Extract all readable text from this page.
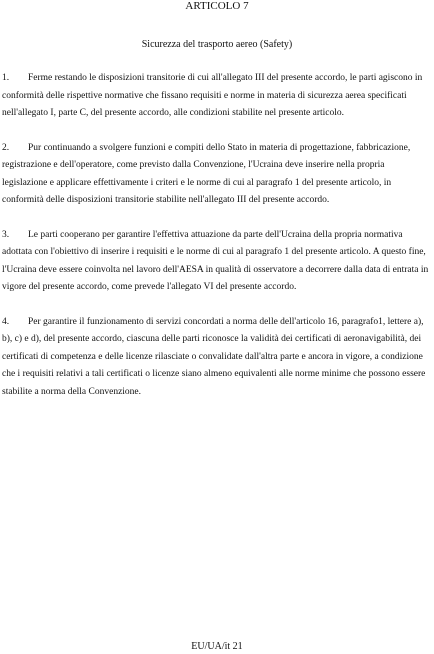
ARTICOLO 7
Sicurezza del trasporto aereo (Safety)

1. Ferme restando le disposizioni transitorie di cui all'allegato III del presente accordo, le parti agiscono in conformità delle rispettive normative che fissano requisiti e norme in materia di sicurezza aerea specificati nell'allegato I, parte C, del presente accordo, alle condizioni stabilite nel presente articolo.

2. Pur continuando a svolgere funzioni e compiti dello Stato in materia di progettazione, fabbricazione, registrazione e dell'operatore, come previsto dalla Convenzione, l'Ucraina deve inserire nella propria legislazione e applicare effettivamente i criteri e le norme di cui al paragrafo 1 del presente articolo, in conformità delle disposizioni transitorie stabilite nell'allegato III del presente accordo.

3. Le parti cooperano per garantire l'effettiva attuazione da parte dell'Ucraina della propria normativa adottata con l'obiettivo di inserire i requisiti e le norme di cui al paragrafo 1 del presente articolo. A questo fine, l'Ucraina deve essere coinvolta nel lavoro dell'AESA in qualità di osservatore a decorrere dalla data di entrata in vigore del presente accordo, come prevede l'allegato VI del presente accordo.

4. Per garantire il funzionamento di servizi concordati a norma delle dell'articolo 16, paragrafo1, lettere a), b), c) e d), del presente accordo, ciascuna delle parti riconosce la validità dei certificati di aeronavigabilità, dei certificati di competenza e delle licenze rilasciate o convalidate dall'altra parte e ancora in vigore, a condizione che i requisiti relativi a tali certificati o licenze siano almeno equivalenti alle norme minime che possono essere stabilite a norma della Convenzione.

EU/UA/it 21
